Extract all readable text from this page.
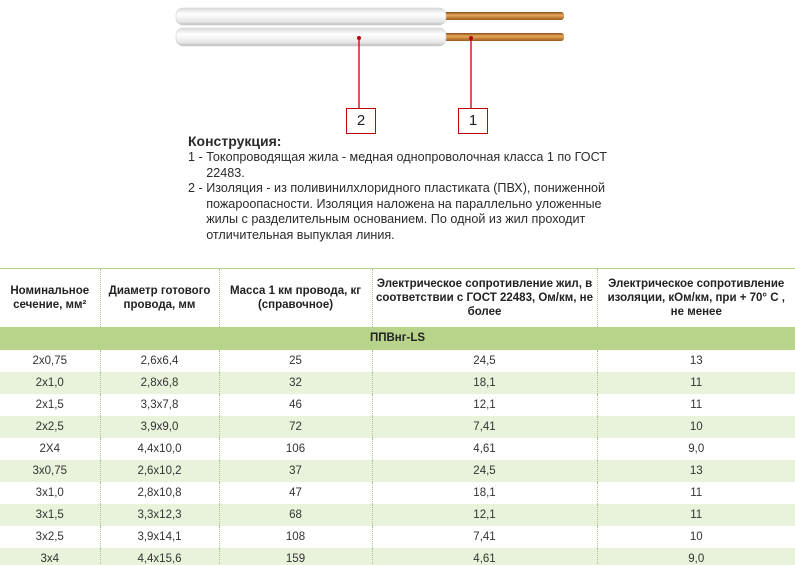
2	1
Конструкция:
1 - Токопроводящая жила - медная однопроволочная класса 1 по ГОСТ 22483.
2 - Изоляция - из поливинилхлоридного пластиката (ПВХ), пониженной пожароопасности. Изоляция наложена на параллельно уложенные жилы с разделительным основанием. По одной из жил проходит отличительная выпуклая линия.
Номинальное сечение, мм²	Диаметр готового провода, мм	Масса 1 км провода, кг (справочное)	Электрическое сопротивление жил, в соответствии с ГОСТ 22483, Ом/км, не более	Электрическое сопротивление изоляции, кОм/км, при + 70° С , не менее
ППВнг-LS				
2x0,75	2,6x6,4	25	24,5	13
2x1,0	2,8x6,8	32	18,1	11
2x1,5	3,3x7,8	46	12,1	11
2x2,5	3,9x9,0	72	7,41	10
2X4	4,4x10,0	106	4,61	9,0
3x0,75	2,6x10,2	37	24,5	13
3x1,0	2,8x10,8	47	18,1	11
3x1,5	3,3x12,3	68	12,1	11
3x2,5	3,9x14,1	108	7,41	10
3x4	4,4x15,6	159	4,61	9,0
